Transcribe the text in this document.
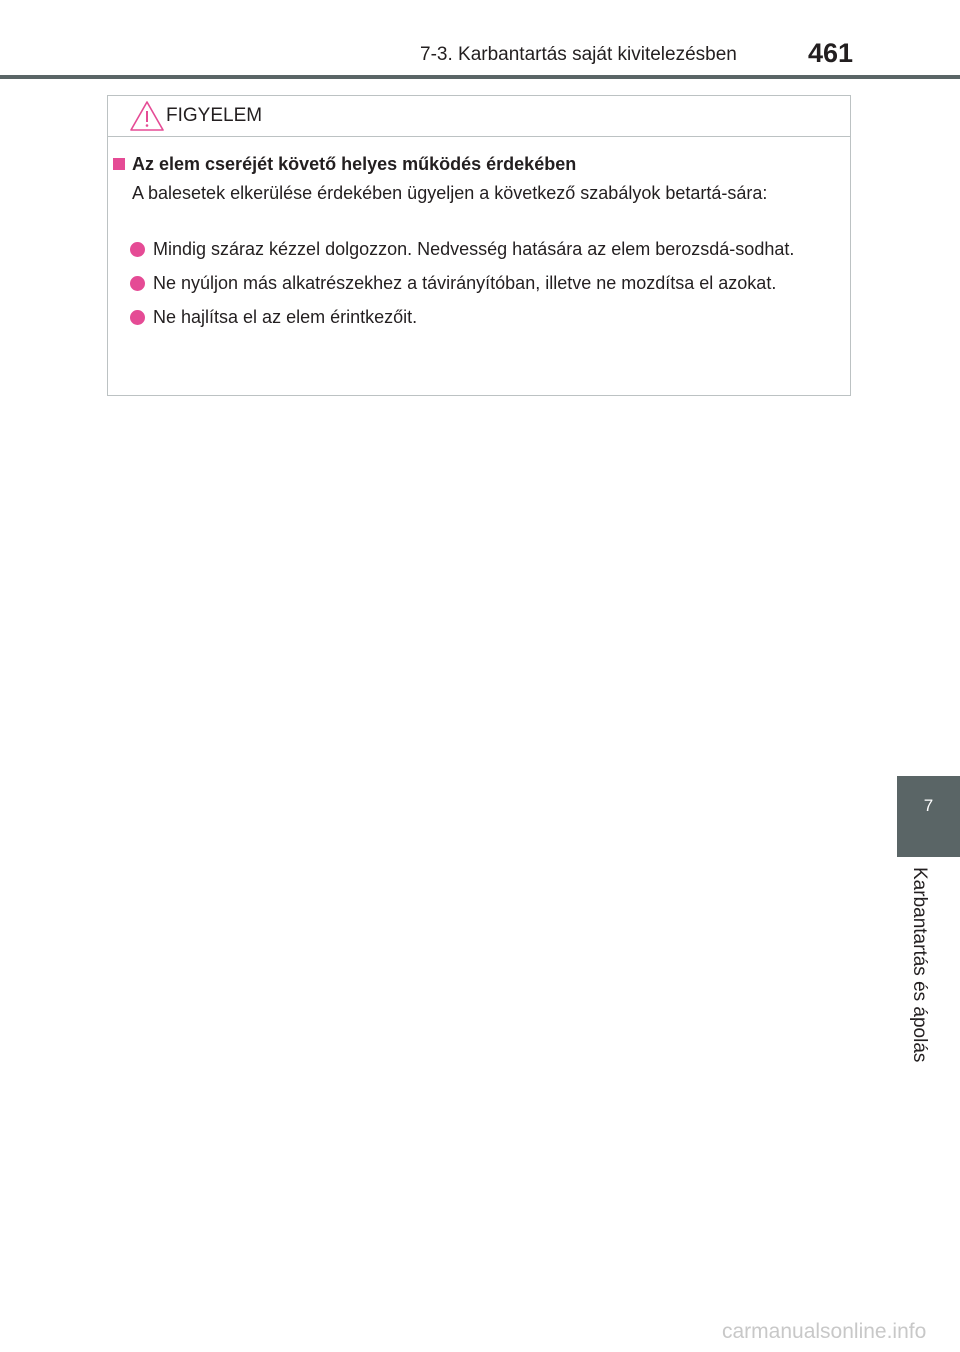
7-3. Karbantartás saját kivitelezésben	461
FIGYELEM
Az elem cseréjét követő helyes működés érdekében
A balesetek elkerülése érdekében ügyeljen a következő szabályok betartá-sára:
Mindig száraz kézzel dolgozzon. Nedvesség hatására az elem berozsdá-sodhat.
Ne nyúljon más alkatrészekhez a távirányítóban, illetve ne mozdítsa el azokat.
Ne hajlítsa el az elem érintkezőit.
7
Karbantartás és ápolás
carmanualsonline.info
